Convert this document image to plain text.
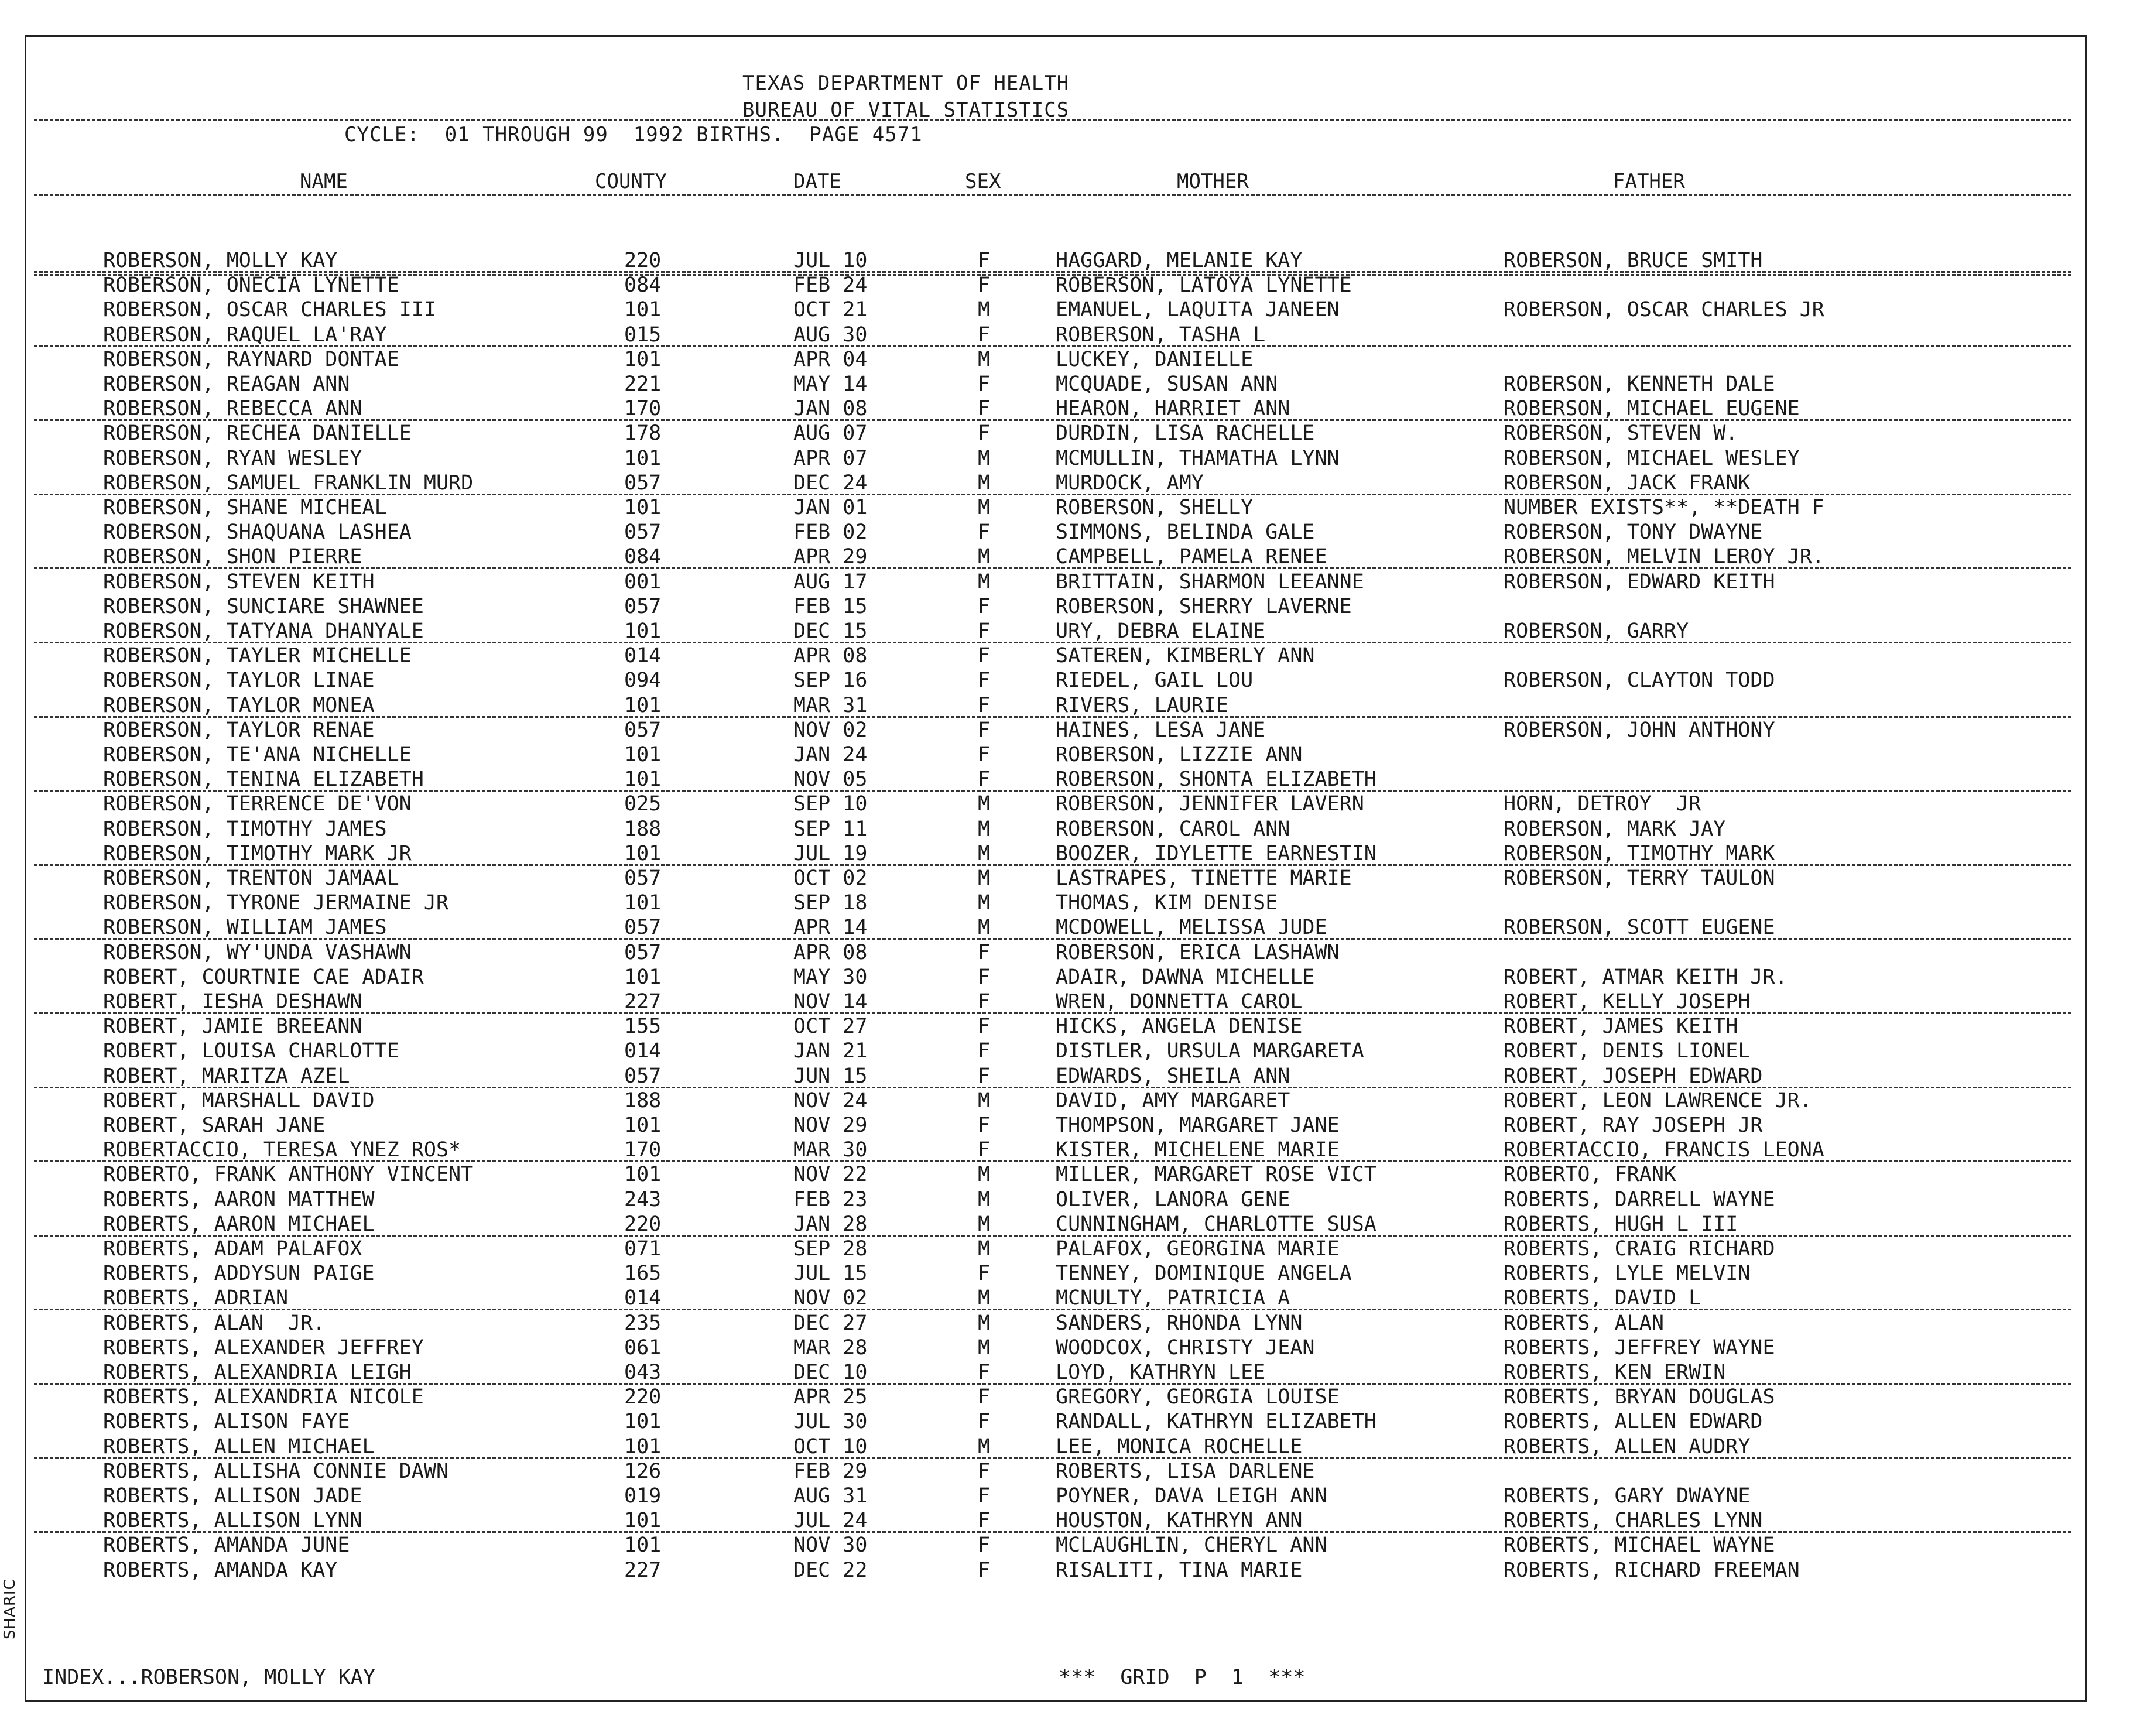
SHARIC
TEXAS DEPARTMENT OF HEALTH
BUREAU OF VITAL STATISTICS
CYCLE:  01 THROUGH 99  1992 BIRTHS.  PAGE 4571
NAME	COUNTY	DATE	SEX	MOTHER	FATHER
ROBERSON, MOLLY KAY	220	JUL 10	F	HAGGARD, MELANIE KAY	ROBERSON, BRUCE SMITH
ROBERSON, ONECIA LYNETTE	084	FEB 24	F	ROBERSON, LATOYA LYNETTE
ROBERSON, OSCAR CHARLES III	101	OCT 21	M	EMANUEL, LAQUITA JANEEN	ROBERSON, OSCAR CHARLES JR
ROBERSON, RAQUEL LA'RAY	015	AUG 30	F	ROBERSON, TASHA L
ROBERSON, RAYNARD DONTAE	101	APR 04	M	LUCKEY, DANIELLE
ROBERSON, REAGAN ANN	221	MAY 14	F	MCQUADE, SUSAN ANN	ROBERSON, KENNETH DALE
ROBERSON, REBECCA ANN	170	JAN 08	F	HEARON, HARRIET ANN	ROBERSON, MICHAEL EUGENE
ROBERSON, RECHEA DANIELLE	178	AUG 07	F	DURDIN, LISA RACHELLE	ROBERSON, STEVEN W.
ROBERSON, RYAN WESLEY	101	APR 07	M	MCMULLIN, THAMATHA LYNN	ROBERSON, MICHAEL WESLEY
ROBERSON, SAMUEL FRANKLIN MURD	057	DEC 24	M	MURDOCK, AMY	ROBERSON, JACK FRANK
ROBERSON, SHANE MICHEAL	101	JAN 01	M	ROBERSON, SHELLY	NUMBER EXISTS**, **DEATH F
ROBERSON, SHAQUANA LASHEA	057	FEB 02	F	SIMMONS, BELINDA GALE	ROBERSON, TONY DWAYNE
ROBERSON, SHON PIERRE	084	APR 29	M	CAMPBELL, PAMELA RENEE	ROBERSON, MELVIN LEROY JR.
ROBERSON, STEVEN KEITH	001	AUG 17	M	BRITTAIN, SHARMON LEEANNE	ROBERSON, EDWARD KEITH
ROBERSON, SUNCIARE SHAWNEE	057	FEB 15	F	ROBERSON, SHERRY LAVERNE
ROBERSON, TATYANA DHANYALE	101	DEC 15	F	URY, DEBRA ELAINE	ROBERSON, GARRY
ROBERSON, TAYLER MICHELLE	014	APR 08	F	SATEREN, KIMBERLY ANN
ROBERSON, TAYLOR LINAE	094	SEP 16	F	RIEDEL, GAIL LOU	ROBERSON, CLAYTON TODD
ROBERSON, TAYLOR MONEA	101	MAR 31	F	RIVERS, LAURIE
ROBERSON, TAYLOR RENAE	057	NOV 02	F	HAINES, LESA JANE	ROBERSON, JOHN ANTHONY
ROBERSON, TE'ANA NICHELLE	101	JAN 24	F	ROBERSON, LIZZIE ANN
ROBERSON, TENINA ELIZABETH	101	NOV 05	F	ROBERSON, SHONTA ELIZABETH
ROBERSON, TERRENCE DE'VON	025	SEP 10	M	ROBERSON, JENNIFER LAVERN	HORN, DETROY  JR
ROBERSON, TIMOTHY JAMES	188	SEP 11	M	ROBERSON, CAROL ANN	ROBERSON, MARK JAY
ROBERSON, TIMOTHY MARK JR	101	JUL 19	M	BOOZER, IDYLETTE EARNESTIN	ROBERSON, TIMOTHY MARK
ROBERSON, TRENTON JAMAAL	057	OCT 02	M	LASTRAPES, TINETTE MARIE	ROBERSON, TERRY TAULON
ROBERSON, TYRONE JERMAINE JR	101	SEP 18	M	THOMAS, KIM DENISE
ROBERSON, WILLIAM JAMES	057	APR 14	M	MCDOWELL, MELISSA JUDE	ROBERSON, SCOTT EUGENE
ROBERSON, WY'UNDA VASHAWN	057	APR 08	F	ROBERSON, ERICA LASHAWN
ROBERT, COURTNIE CAE ADAIR	101	MAY 30	F	ADAIR, DAWNA MICHELLE	ROBERT, ATMAR KEITH JR.
ROBERT, IESHA DESHAWN	227	NOV 14	F	WREN, DONNETTA CAROL	ROBERT, KELLY JOSEPH
ROBERT, JAMIE BREEANN	155	OCT 27	F	HICKS, ANGELA DENISE	ROBERT, JAMES KEITH
ROBERT, LOUISA CHARLOTTE	014	JAN 21	F	DISTLER, URSULA MARGARETA	ROBERT, DENIS LIONEL
ROBERT, MARITZA AZEL	057	JUN 15	F	EDWARDS, SHEILA ANN	ROBERT, JOSEPH EDWARD
ROBERT, MARSHALL DAVID	188	NOV 24	M	DAVID, AMY MARGARET	ROBERT, LEON LAWRENCE JR.
ROBERT, SARAH JANE	101	NOV 29	F	THOMPSON, MARGARET JANE	ROBERT, RAY JOSEPH JR
ROBERTACCIO, TERESA YNEZ ROS*	170	MAR 30	F	KISTER, MICHELENE MARIE	ROBERTACCIO, FRANCIS LEONA
ROBERTO, FRANK ANTHONY VINCENT	101	NOV 22	M	MILLER, MARGARET ROSE VICT	ROBERTO, FRANK
ROBERTS, AARON MATTHEW	243	FEB 23	M	OLIVER, LANORA GENE	ROBERTS, DARRELL WAYNE
ROBERTS, AARON MICHAEL	220	JAN 28	M	CUNNINGHAM, CHARLOTTE SUSA	ROBERTS, HUGH L III
ROBERTS, ADAM PALAFOX	071	SEP 28	M	PALAFOX, GEORGINA MARIE	ROBERTS, CRAIG RICHARD
ROBERTS, ADDYSUN PAIGE	165	JUL 15	F	TENNEY, DOMINIQUE ANGELA	ROBERTS, LYLE MELVIN
ROBERTS, ADRIAN	014	NOV 02	M	MCNULTY, PATRICIA A	ROBERTS, DAVID L
ROBERTS, ALAN  JR.	235	DEC 27	M	SANDERS, RHONDA LYNN	ROBERTS, ALAN
ROBERTS, ALEXANDER JEFFREY	061	MAR 28	M	WOODCOX, CHRISTY JEAN	ROBERTS, JEFFREY WAYNE
ROBERTS, ALEXANDRIA LEIGH	043	DEC 10	F	LOYD, KATHRYN LEE	ROBERTS, KEN ERWIN
ROBERTS, ALEXANDRIA NICOLE	220	APR 25	F	GREGORY, GEORGIA LOUISE	ROBERTS, BRYAN DOUGLAS
ROBERTS, ALISON FAYE	101	JUL 30	F	RANDALL, KATHRYN ELIZABETH	ROBERTS, ALLEN EDWARD
ROBERTS, ALLEN MICHAEL	101	OCT 10	M	LEE, MONICA ROCHELLE	ROBERTS, ALLEN AUDRY
ROBERTS, ALLISHA CONNIE DAWN	126	FEB 29	F	ROBERTS, LISA DARLENE
ROBERTS, ALLISON JADE	019	AUG 31	F	POYNER, DAVA LEIGH ANN	ROBERTS, GARY DWAYNE
ROBERTS, ALLISON LYNN	101	JUL 24	F	HOUSTON, KATHRYN ANN	ROBERTS, CHARLES LYNN
ROBERTS, AMANDA JUNE	101	NOV 30	F	MCLAUGHLIN, CHERYL ANN	ROBERTS, MICHAEL WAYNE
ROBERTS, AMANDA KAY	227	DEC 22	F	RISALITI, TINA MARIE	ROBERTS, RICHARD FREEMAN
INDEX...ROBERSON, MOLLY KAY	***  GRID  P  1  ***
